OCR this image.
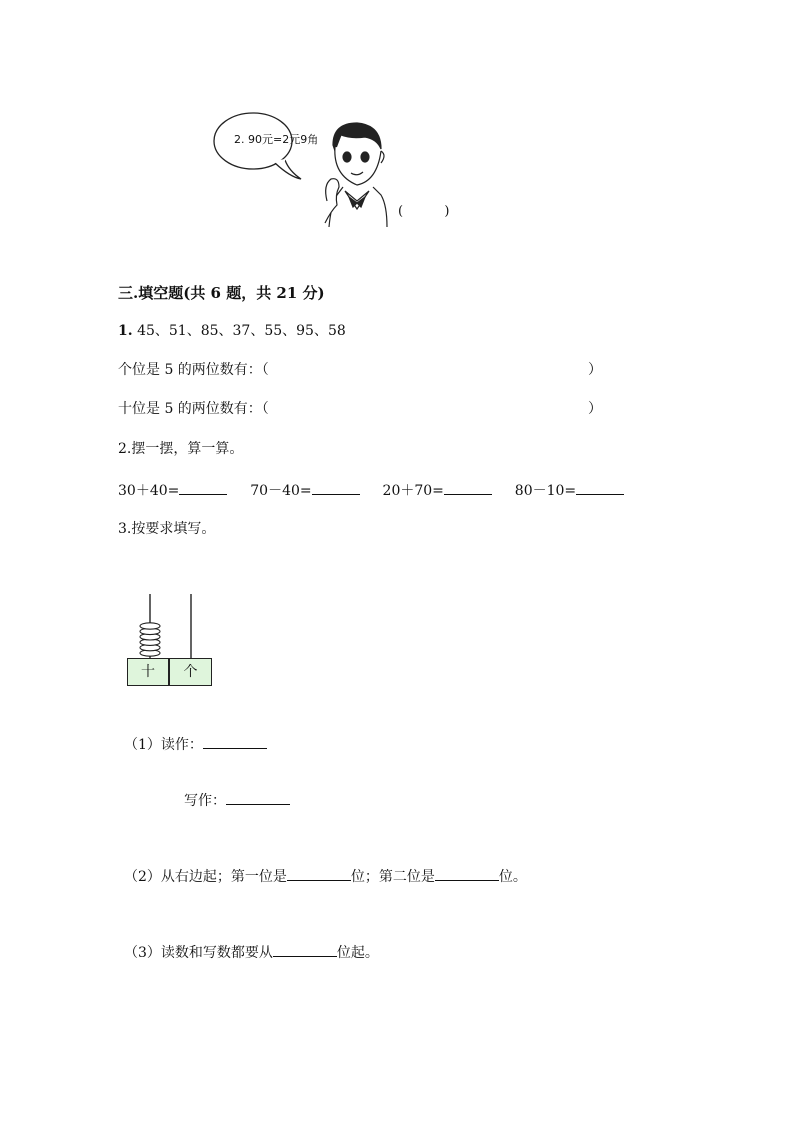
2. 90元=2元9角
(          )
三.填空题(共 6 题，共 21 分)
1. 45、51、85、37、55、95、58
个位是 5 的两位数有：（	）
十位是 5 的两位数有：（	）
2.摆一摆，算一算。
30＋40=	70－40=	20＋70=	80－10=
3.按要求填写。
十	个
（1）读作：
写作：
（2）从右边起；第一位是	位；第二位是	位。
（3）读数和写数都要从	位起。
